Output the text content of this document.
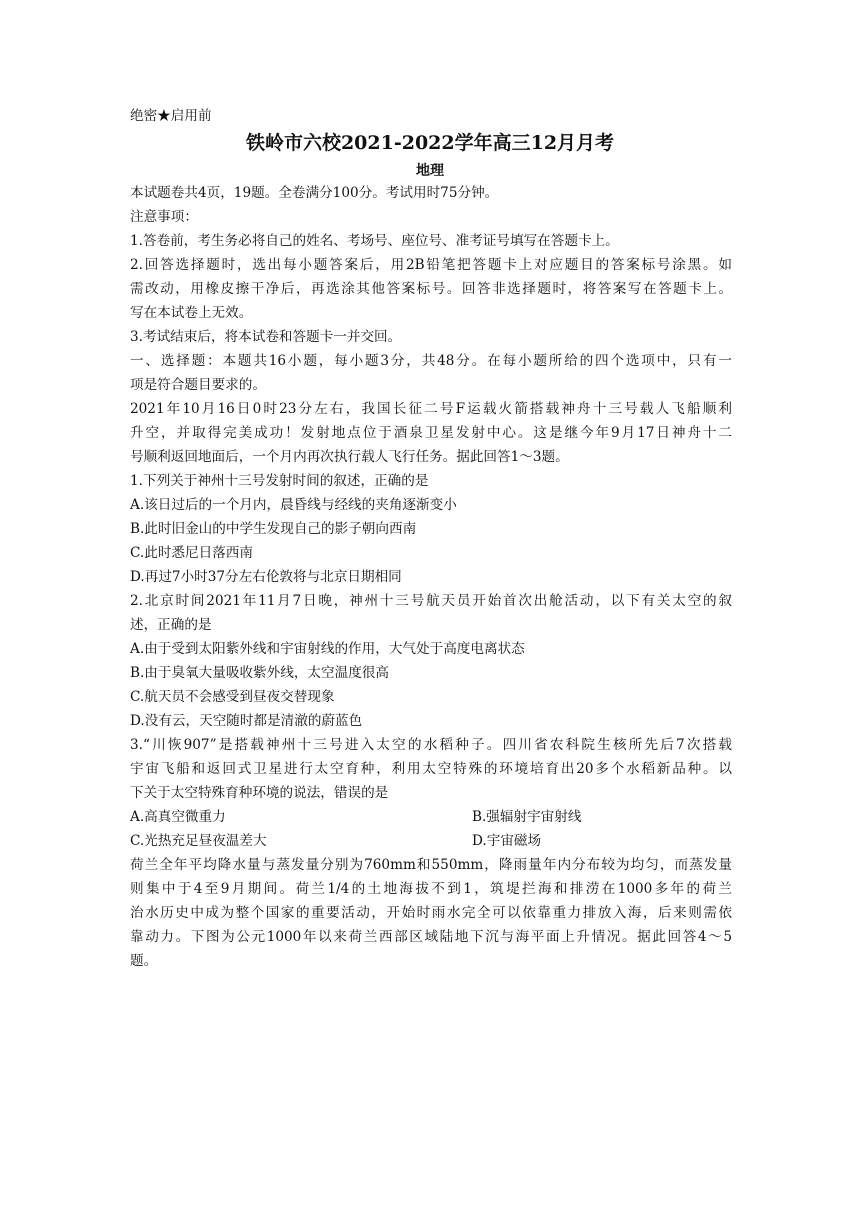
绝密★启用前
铁岭市六校2021-2022学年高三12月月考
地理
本试题卷共4页，19题。全卷满分100分。考试用时75分钟。
注意事项：
1.答卷前，考生务必将自己的姓名、考场号、座位号、准考证号填写在答题卡上。
2.回答选择题时，选出每小题答案后，用2B铅笔把答题卡上对应题目的答案标号涂黑。如
需改动，用橡皮擦干净后，再选涂其他答案标号。回答非选择题时，将答案写在答题卡上。
写在本试卷上无效。
3.考试结束后，将本试卷和答题卡一并交回。
一、选择题：本题共16小题，每小题3分，共48分。在每小题所给的四个选项中，只有一
项是符合题目要求的。
2021年10月16日0时23分左右，我国长征二号F运载火箭搭载神舟十三号载人飞船顺利
升空，并取得完美成功！发射地点位于酒泉卫星发射中心。这是继今年9月17日神舟十二
号顺利返回地面后，一个月内再次执行载人飞行任务。据此回答1～3题。
1.下列关于神州十三号发射时间的叙述，正确的是
A.该日过后的一个月内，晨昏线与经线的夹角逐渐变小
B.此时旧金山的中学生发现自己的影子朝向西南
C.此时悉尼日落西南
D.再过7小时37分左右伦敦将与北京日期相同
2.北京时间2021年11月7日晚，神州十三号航天员开始首次出舱活动，以下有关太空的叙
述，正确的是
A.由于受到太阳紫外线和宇宙射线的作用，大气处于高度电离状态
B.由于臭氧大量吸收紫外线，太空温度很高
C.航天员不会感受到昼夜交替现象
D.没有云，天空随时都是清澈的蔚蓝色
3.“川恢907”是搭载神州十三号进入太空的水稻种子。四川省农科院生核所先后7次搭载
宇宙飞船和返回式卫星进行太空育种，利用太空特殊的环境培育出20多个水稻新品种。以
下关于太空特殊育种环境的说法，错误的是
A.高真空微重力	B.强辐射宇宙射线
C.光热充足昼夜温差大	D.宇宙磁场
荷兰全年平均降水量与蒸发量分别为760mm和550mm，降雨量年内分布较为均匀，而蒸发量
则集中于4至9月期间。荷兰1/4的土地海拔不到1，筑堤拦海和排涝在1000多年的荷兰
治水历史中成为整个国家的重要活动，开始时雨水完全可以依靠重力排放入海，后来则需依
靠动力。下图为公元1000年以来荷兰西部区域陆地下沉与海平面上升情况。据此回答4～5
题。
